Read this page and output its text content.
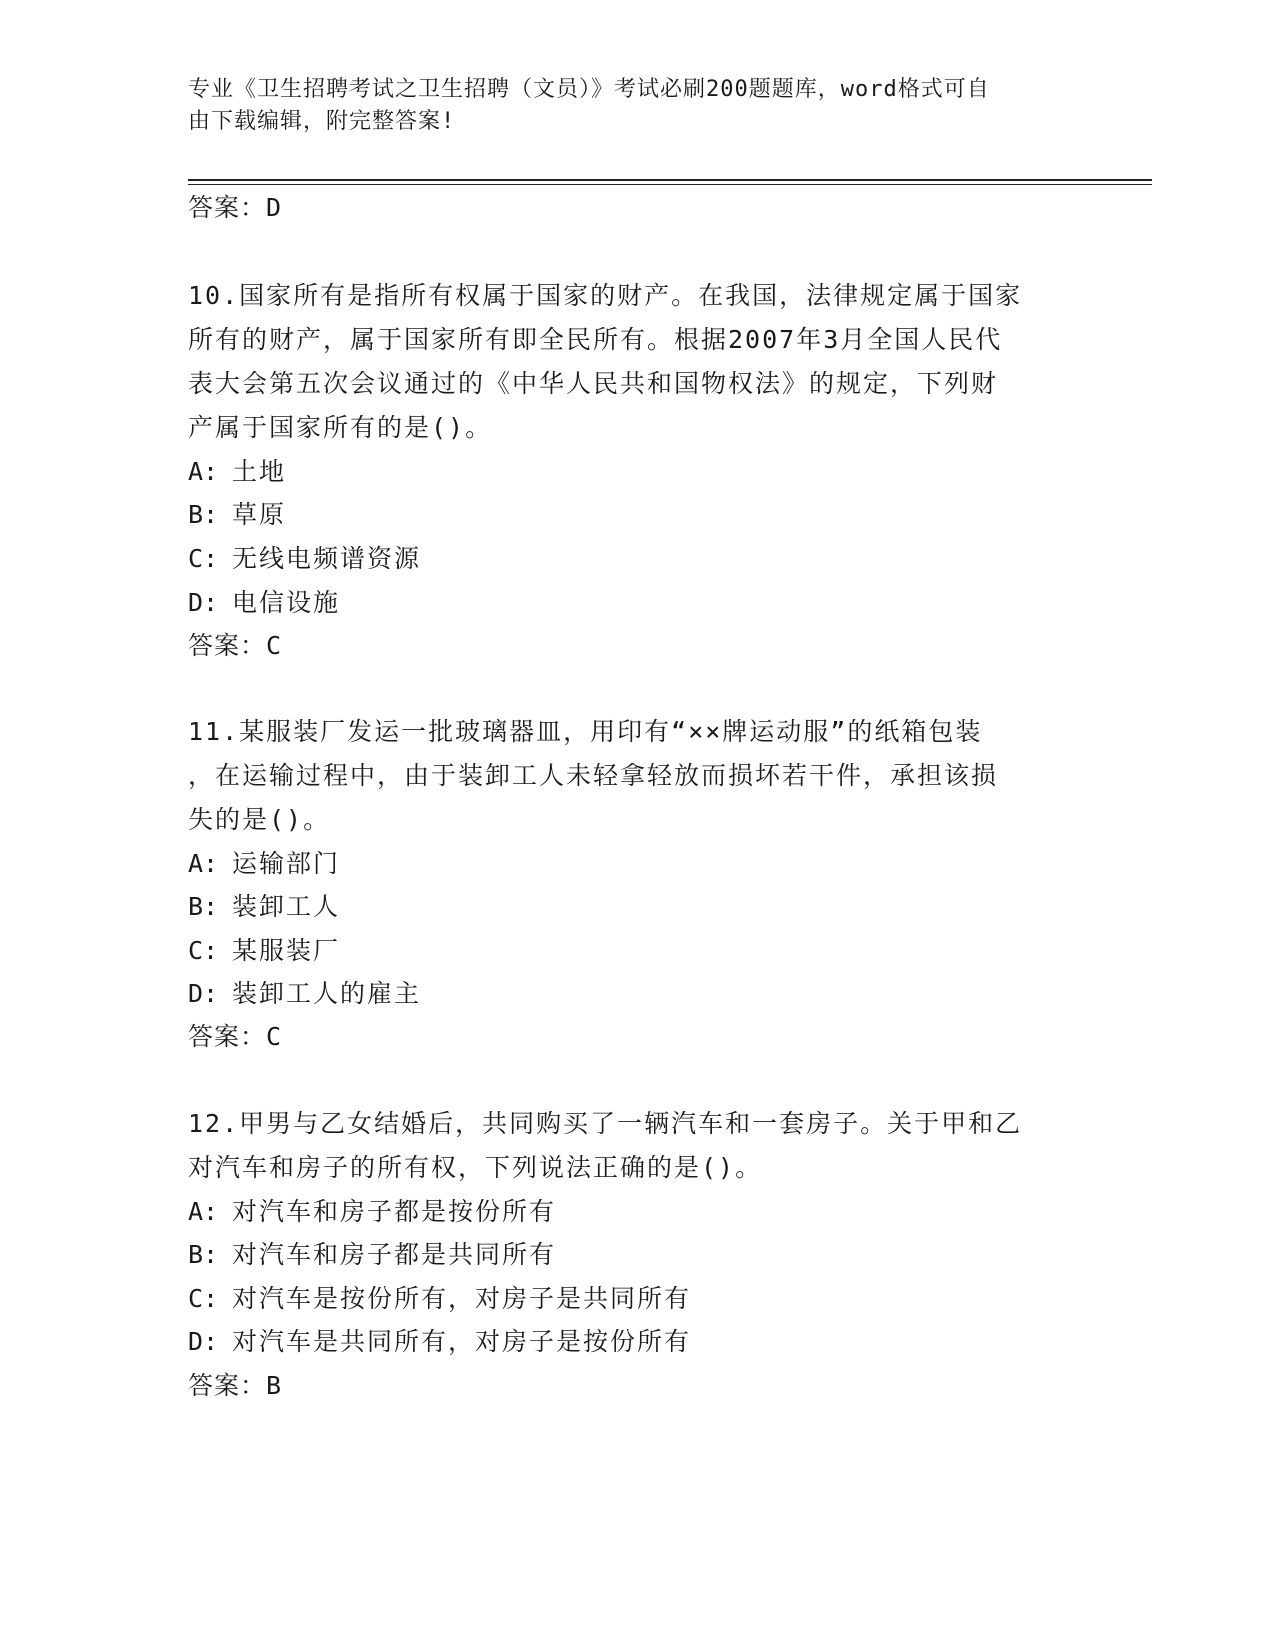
专业《卫生招聘考试之卫生招聘（文员）》考试必刷200题题库，word格式可自
由下载编辑，附完整答案!
答案：D
10.国家所有是指所有权属于国家的财产。在我国，法律规定属于国家
所有的财产，属于国家所有即全民所有。根据2007年3月全国人民代
表大会第五次会议通过的《中华人民共和国物权法》的规定，下列财
产属于国家所有的是()。
A: 土地
B: 草原
C: 无线电频谱资源
D: 电信设施
答案：C
11.某服装厂发运一批玻璃器皿，用印有“××牌运动服”的纸箱包装
，在运输过程中，由于装卸工人未轻拿轻放而损坏若干件，承担该损
失的是()。
A: 运输部门
B: 装卸工人
C: 某服装厂
D: 装卸工人的雇主
答案：C
12.甲男与乙女结婚后，共同购买了一辆汽车和一套房子。关于甲和乙
对汽车和房子的所有权，下列说法正确的是()。
A: 对汽车和房子都是按份所有
B: 对汽车和房子都是共同所有
C: 对汽车是按份所有，对房子是共同所有
D: 对汽车是共同所有，对房子是按份所有
答案：B
